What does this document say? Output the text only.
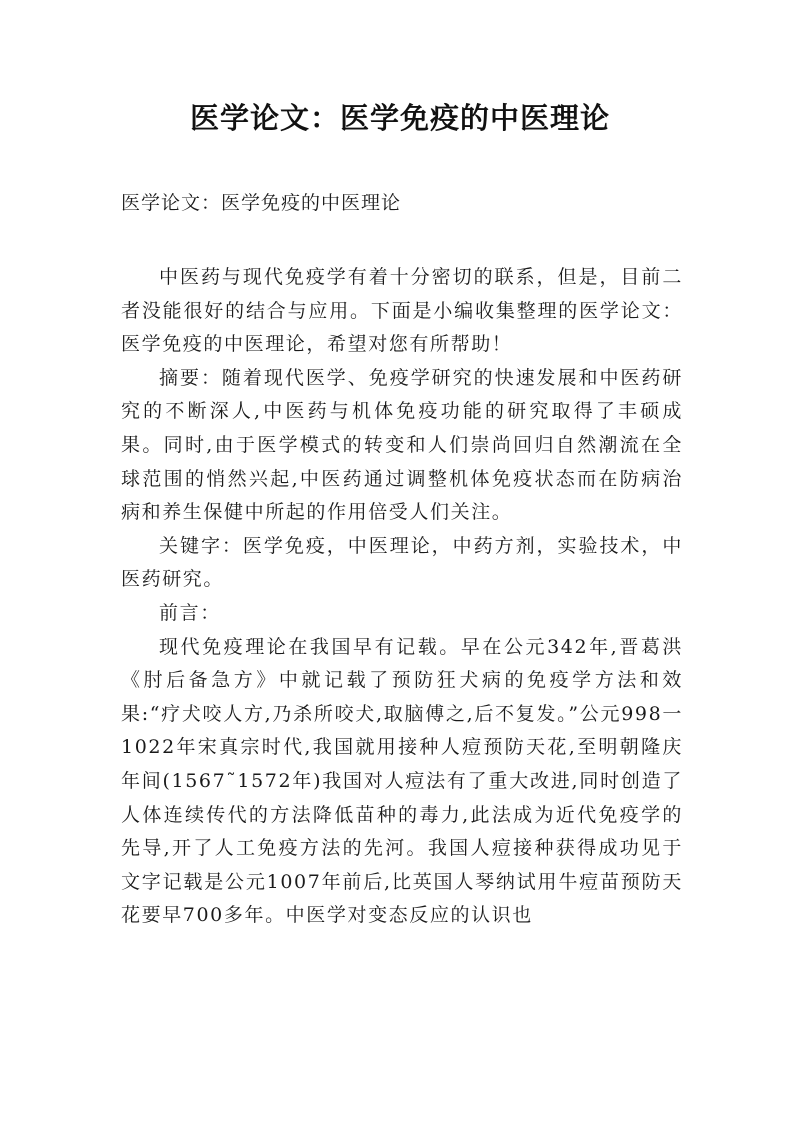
医学论文：医学免疫的中医理论

医学论文：医学免疫的中医理论

中医药与现代免疫学有着十分密切的联系，但是，目前二者没能很好的结合与应用。下面是小编收集整理的医学论文：医学免疫的中医理论，希望对您有所帮助！

摘要：随着现代医学、免疫学研究的快速发展和中医药研究的不断深人,中医药与机体免疫功能的研究取得了丰硕成果。同时,由于医学模式的转变和人们崇尚回归自然潮流在全球范围的悄然兴起,中医药通过调整机体免疫状态而在防病治病和养生保健中所起的作用倍受人们关注。

关键字：医学免疫，中医理论，中药方剂，实验技术，中医药研究。

前言：

现代免疫理论在我国早有记载。早在公元342年,晋葛洪《肘后备急方》中就记载了预防狂犬病的免疫学方法和效果:“疗犬咬人方,乃杀所咬犬,取脑傅之,后不复发。”公元998一1022年宋真宗时代,我国就用接种人痘预防天花,至明朝隆庆年间(1567˜1572年)我国对人痘法有了重大改进,同时创造了人体连续传代的方法降低苗种的毒力,此法成为近代免疫学的先导,开了人工免疫方法的先河。我国人痘接种获得成功见于文字记载是公元1007年前后,比英国人琴纳试用牛痘苗预防天花要早700多年。中医学对变态反应的认识也
